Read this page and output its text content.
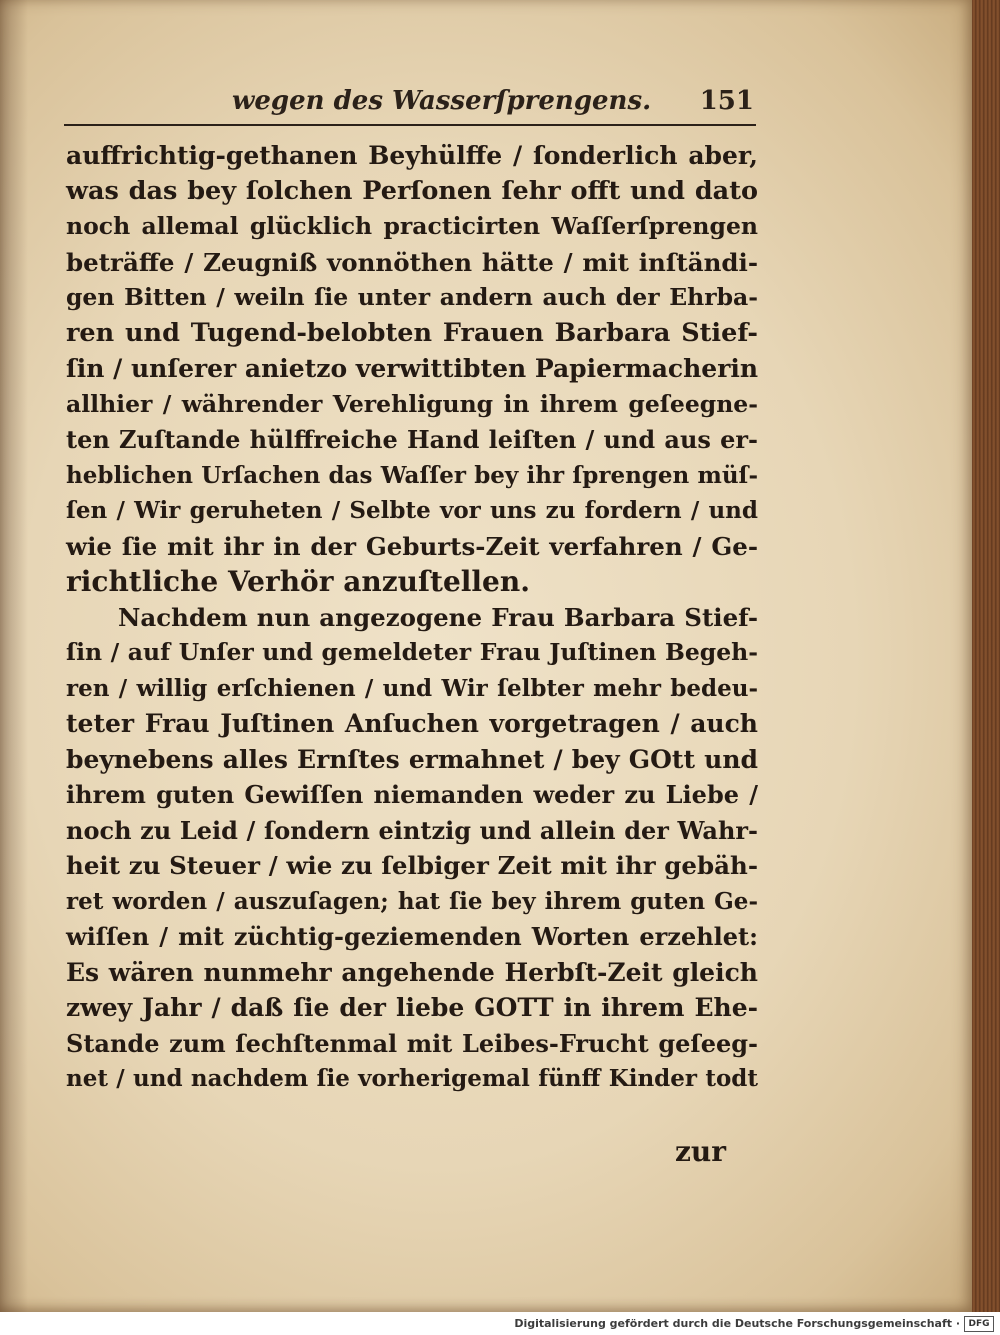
wegen des Wasserſprengens. 151
auffrichtig-gethanen Beyhülffe / ſonderlich aber,
was das bey ſolchen Perſonen ſehr offt und dato
noch allemal glücklich practicirten Waſſerſprengen
beträffe / Zeugniß vonnöthen hätte / mit inſtändi-
gen Bitten / weiln ſie unter andern auch der Ehrba-
ren und Tugend-belobten Frauen Barbara Stief-
ſin / unſerer anietzo verwittibten Papiermacherin
allhier / währender Verehligung in ihrem geſeegne-
ten Zuſtande hülffreiche Hand leiſten / und aus er-
heblichen Urſachen das Waſſer bey ihr ſprengen müſ-
ſen / Wir geruheten / Selbte vor uns zu fordern / und
wie ſie mit ihr in der Geburts-Zeit verfahren / Ge-
richtliche Verhör anzuſtellen.
Nachdem nun angezogene Frau Barbara Stief-
ſin / auf Unſer und gemeldeter Frau Juſtinen Begeh-
ren / willig erſchienen / und Wir ſelbter mehr bedeu-
teter Frau Juſtinen Anſuchen vorgetragen / auch
beynebens alles Ernſtes ermahnet / bey GOtt und
ihrem guten Gewiſſen niemanden weder zu Liebe /
noch zu Leid / ſondern eintzig und allein der Wahr-
heit zu Steuer / wie zu ſelbiger Zeit mit ihr gebäh-
ret worden / auszuſagen; hat ſie bey ihrem guten Ge-
wiſſen / mit züchtig-geziemenden Worten erzehlet:
Es wären nunmehr angehende Herbſt-Zeit gleich
zwey Jahr / daß ſie der liebe GOTT in ihrem Ehe-
Stande zum ſechſtenmal mit Leibes-Frucht geſeeg-
net / und nachdem ſie vorherigemal fünff Kinder todt
zur
Digitalisierung gefördert durch die Deutsche Forschungsgemeinschaft · DFG
